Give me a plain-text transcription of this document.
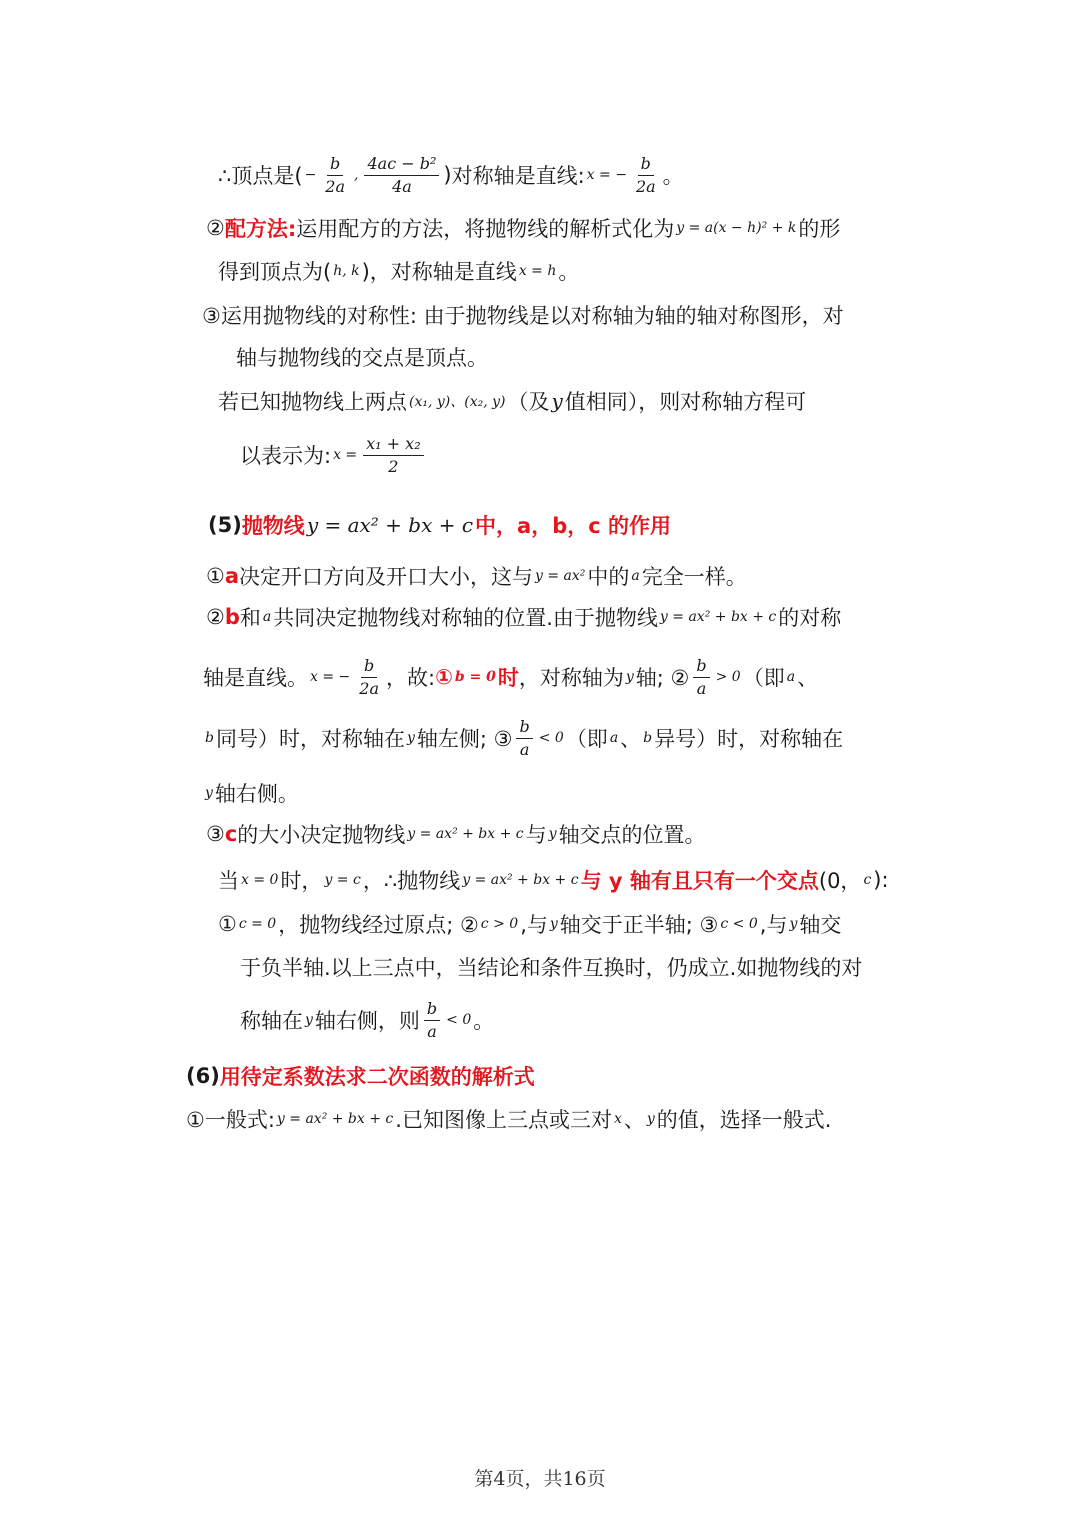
∴顶点是( − $\frac{b}{2a}$ , $\frac{\text{4ac − b²}}{4a}$ ) 对称轴是直线: x = − $\frac{b}{2a}$ 。
② 配方法: 运用配方的方法，将抛物线的解析式化为 y = a(x − h)² + k 的形
得到顶点为( h, k )，对称轴是直线 x = h 。
③运用抛物线的对称性: 由于抛物线是以对称轴为轴的轴对称图形，对
轴与抛物线的交点是顶点。
若已知抛物线上两点 (x₁, y)、(x₂, y) （及 y 值相同），则对称轴方程可
以表示为: $x = \frac{\text{x₁ + x₂}}{2}$
(5) 抛物线 y = ax² + bx + c 中，a，b，c 的作用
① a 决定开口方向及开口大小，这与 y = ax² 中的 a 完全一样。
② b 和 a 共同决定抛物线对称轴的位置.由于抛物线 y = ax² + bx + c 的对称
轴是直线。 x = − $\frac{b}{2a}$ ，故: ① b = 0 时 ，对称轴为 y 轴; ② $\frac{b}{a} > 0$ （即 a 、
b 同号）时，对称轴在 y 轴左侧; ③ $\frac{b}{a} < 0$ （即 a 、 b 异号）时，对称轴在
y 轴右侧。
③ c 的大小决定抛物线 y = ax² + bx + c 与 y 轴交点的位置。
当 x = 0 时， y = c ，∴抛物线 y = ax² + bx + c 与 y 轴有且只有一个交点 (0， c ):
① c = 0 ，抛物线经过原点; ② c > 0 ,与 y 轴交于正半轴; ③ c < 0 ,与 y 轴交
于负半轴.以上三点中，当结论和条件互换时，仍成立.如抛物线的对
称轴在 y 轴右侧，则 $\frac{b}{a} < 0$ 。
(6) 用待定系数法求二次函数的解析式
①一般式: y = ax² + bx + c .已知图像上三点或三对 x 、 y 的值，选择一般式.
第4页，共16页
